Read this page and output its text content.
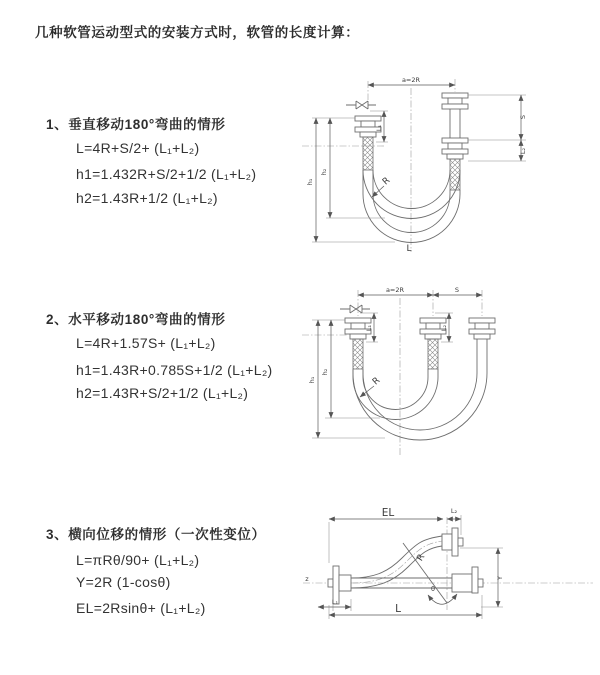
几种软管运动型式的安装方式时，软管的长度计算：
1、垂直移动180°弯曲的情形
L=4R+S/2+ (L₁+L₂)
h1=1.432R+S/2+1/2 (L₁+L₂)
h2=1.43R+1/2 (L₁+L₂)
2、水平移动180°弯曲的情形
L=4R+1.57S+ (L₁+L₂)
h1=1.43R+0.785S+1/2 (L₁+L₂)
h2=1.43R+S/2+1/2 (L₁+L₂)
3、横向位移的情形（一次性变位）
L=πRθ/90+ (L₁+L₂)
Y=2R (1-cosθ)
EL=2Rsinθ+ (L₁+L₂)
a=2R
L₁
S
L₂
h₁
h₂
R
L
a=2R	S
L₁	L₂
h₁
h₂
R
z
EL	L₂
Y
R
θ
L₁
L
